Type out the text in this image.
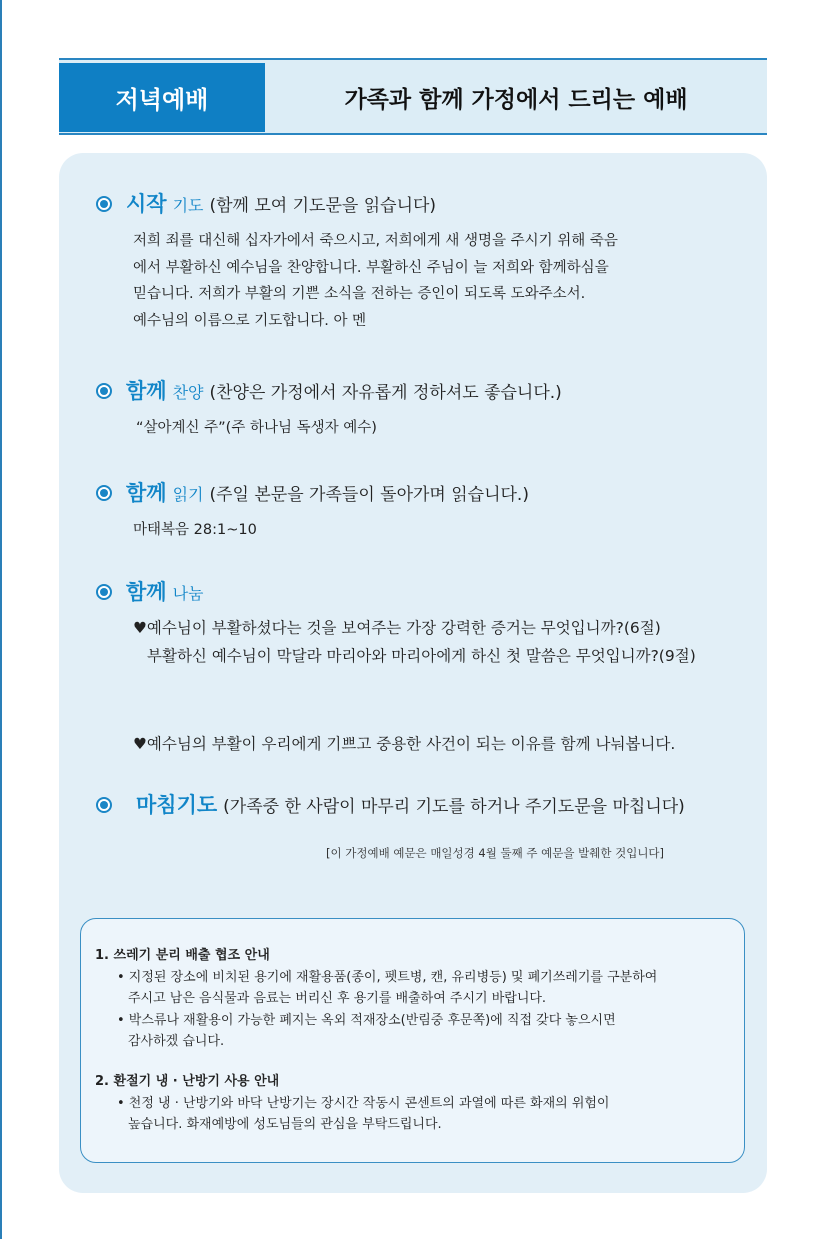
저녁예배	가족과 함께 가정에서 드리는 예배
시작 기도 (함께 모여 기도문을 읽습니다)
저희 죄를 대신해 십자가에서 죽으시고, 저희에게 새 생명을 주시기 위해 죽음
에서 부활하신 예수님을 찬양합니다. 부활하신 주님이 늘 저희와 함께하심을
믿습니다. 저희가 부활의 기쁜 소식을 전하는 증인이 되도록 도와주소서.
예수님의 이름으로 기도합니다. 아 멘
함께 찬양 (찬양은 가정에서 자유롭게 정하셔도 좋습니다.)
“살아계신 주”(주 하나님 독생자 예수)
함께 읽기 (주일 본문을 가족들이 돌아가며 읽습니다.)
마태복음 28:1~10
함께 나눔
♥예수님이 부활하셨다는 것을 보여주는 가장 강력한 증거는 무엇입니까?(6절)
부활하신 예수님이 막달라 마리아와 마리아에게 하신 첫 말씀은 무엇입니까?(9절)
♥예수님의 부활이 우리에게 기쁘고 중용한 사건이 되는 이유를 함께 나눠봅니다.
마침기도 (가족중 한 사람이 마무리 기도를 하거나 주기도문을 마칩니다)
[이 가정예배 예문은 매일성경 4월 둘째 주 예문을 발췌한 것입니다]
1. 쓰레기 분리 배출 협조 안내
• 지정된 장소에 비치된 용기에 재활용품(종이, 펫트병, 캔, 유리병등) 및 폐기쓰레기를 구분하여
주시고 남은 음식물과 음료는 버리신 후 용기를 배출하여 주시기 바랍니다.
• 박스류나 재활용이 가능한 폐지는 옥외 적재장소(반림중 후문쪽)에 직접 갖다 놓으시면
감사하겠 습니다.
2. 환절기 냉 · 난방기 사용 안내
• 천정 냉 · 난방기와 바닥 난방기는 장시간 작동시 콘센트의 과열에 따른 화재의 위험이
높습니다. 화재예방에 성도님들의 관심을 부탁드립니다.
